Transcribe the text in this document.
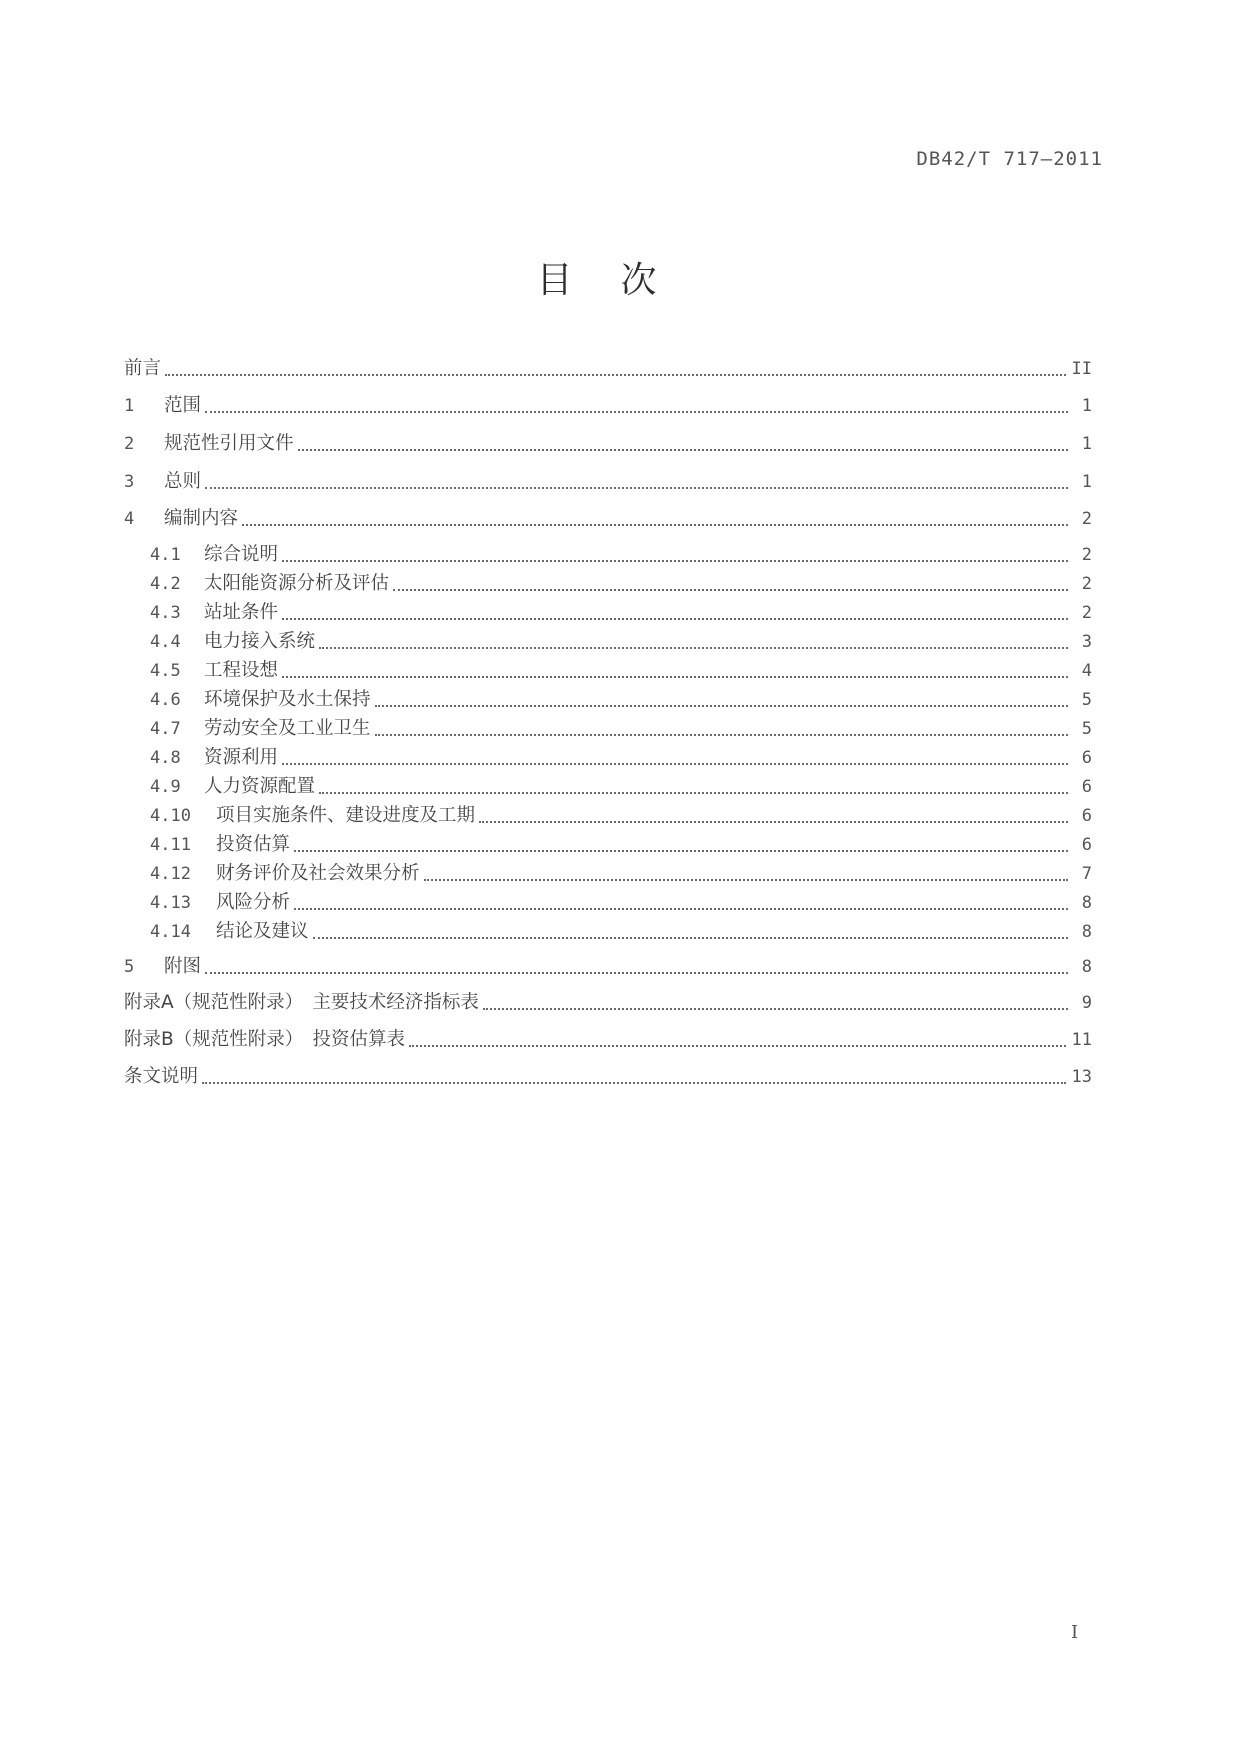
DB42/T 717—2011
目次
前言	II
1	范围	1
2	规范性引用文件	1
3	总则	1
4	编制内容	2
4.1	综合说明	2
4.2	太阳能资源分析及评估	2
4.3	站址条件	2
4.4	电力接入系统	3
4.5	工程设想	4
4.6	环境保护及水土保持	5
4.7	劳动安全及工业卫生	5
4.8	资源利用	6
4.9	人力资源配置	6
4.10	项目实施条件、建设进度及工期	6
4.11	投资估算	6
4.12	财务评价及社会效果分析	7
4.13	风险分析	8
4.14	结论及建议	8
5	附图	8
附录A（规范性附录）　主要技术经济指标表	9
附录B（规范性附录）　投资估算表	11
条文说明	13
I
